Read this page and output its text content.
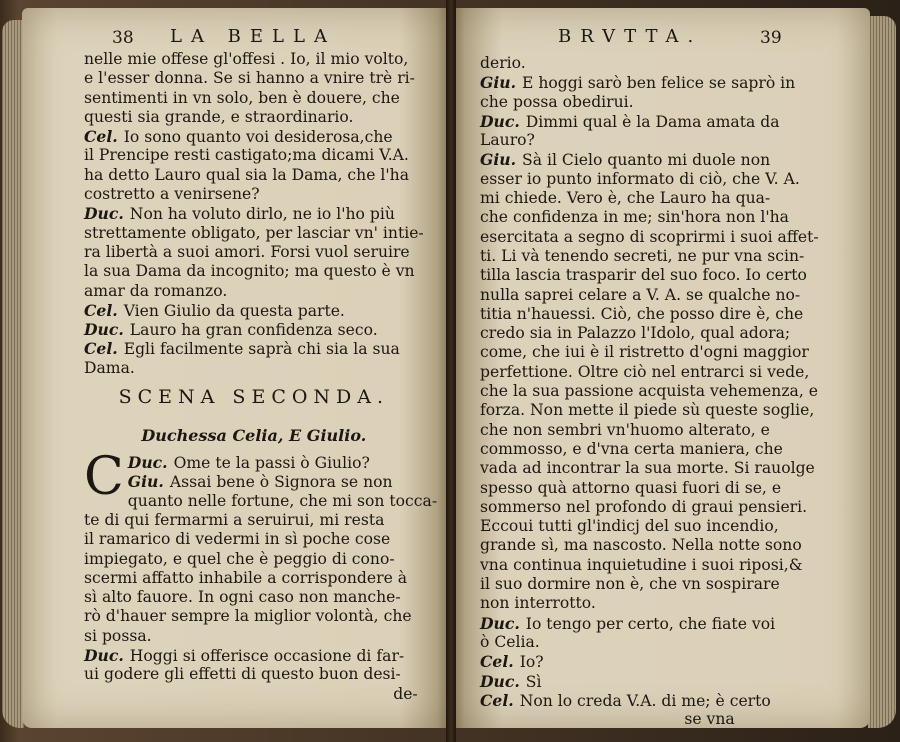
38 LA BELLA
nelle mie offese gl'offesi . Io, il mio volto,
e l'esser donna. Se si hanno a vnire trè ri-
sentimenti in vn solo, ben è douere, che
questi sia grande, e straordinario.
Cel. Io sono quanto voi desiderosa,che
il Prencipe resti castigato;ma dicami V.A.
ha detto Lauro qual sia la Dama, che l'ha
costretto a venirsene?
Duc. Non ha voluto dirlo, ne io l'ho più
strettamente obligato, per lasciar vn' intie-
ra libertà a suoi amori. Forsi vuol seruire
la sua Dama da incognito; ma questo è vn
amar da romanzo.
Cel. Vien Giulio da questa parte.
Duc. Lauro ha gran confidenza seco.
Cel. Egli facilmente saprà chi sia la sua
Dama.
SCENA SECONDA.
Duchessa Celia, E Giulio.
C Duc. Ome te la passi ò Giulio?
Giu. Assai bene ò Signora se non
quanto nelle fortune, che mi son tocca-
te di qui fermarmi a seruirui, mi resta
il ramarico di vedermi in sì poche cose
impiegato, e quel che è peggio di cono-
scermi affatto inhabile a corrispondere à
sì alto fauore. In ogni caso non manche-
rò d'hauer sempre la miglior volontà, che
si possa.
Duc. Hoggi si offerisce occasione di far-
ui godere gli effetti di questo buon desi-
de-
BRVTTA.	39
derio.
Giu. E hoggi sarò ben felice se saprò in
che possa obedirui.
Duc. Dimmi qual è la Dama amata da
Lauro?
Giu. Sà il Cielo quanto mi duole non
esser io punto informato di ciò, che V. A.
mi chiede. Vero è, che Lauro ha qua-
che confidenza in me; sin'hora non l'ha
esercitata a segno di scoprirmi i suoi affet-
ti. Li và tenendo secreti, ne pur vna scin-
tilla lascia trasparir del suo foco. Io certo
nulla saprei celare a V. A. se qualche no-
titia n'hauessi. Ciò, che posso dire è, che
credo sia in Palazzo l'Idolo, qual adora;
come, che iui è il ristretto d'ogni maggior
perfettione. Oltre ciò nel entrarci si vede,
che la sua passione acquista vehemenza, e
forza. Non mette il piede sù queste soglie,
che non sembri vn'huomo alterato, e
commosso, e d'vna certa maniera, che
vada ad incontrar la sua morte. Si rauolge
spesso quà attorno quasi fuori di se, e
sommerso nel profondo di graui pensieri.
Eccoui tutti gl'indicj del suo incendio,
grande sì, ma nascosto. Nella notte sono
vna continua inquietudine i suoi riposi,&
il suo dormire non è, che vn sospirare
non interrotto.
Duc. Io tengo per certo, che fiate voi
ò Celia.
Cel. Io?
Duc. Sì
Cel. Non lo creda V.A. di me; è certo
se vna
